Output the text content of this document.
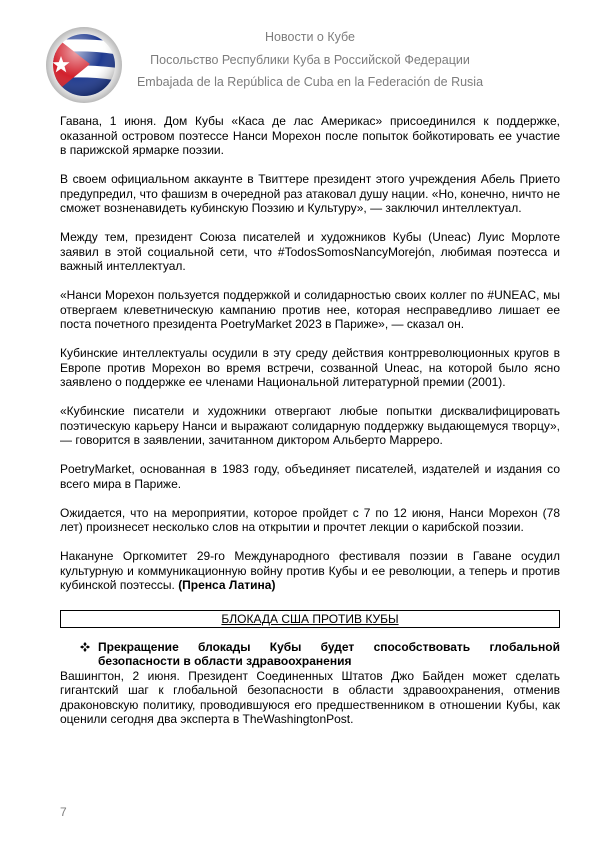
Новости о Кубе
Посольство Республики Куба в Российской Федерации
Embajada de la República de Cuba en la Federación de Rusia

Гавана, 1 июня. Дом Кубы «Каса де лас Америкас» присоединился к поддержке, оказанной островом поэтессе Нанси Морехон после попыток бойкотировать ее участие в парижской ярмарке поэзии.

В своем официальном аккаунте в Твиттере президент этого учреждения Абель Прието предупредил, что фашизм в очередной раз атаковал душу нации. «Но, конечно, ничто не сможет возненавидеть кубинскую Поэзию и Культуру», — заключил интеллектуал.

Между тем, президент Союза писателей и художников Кубы (Uneac) Луис Морлоте заявил в этой социальной сети, что #TodosSomosNancyMorejón, любимая поэтесса и важный интеллектуал.

«Нанси Морехон пользуется поддержкой и солидарностью своих коллег по #UNEAC, мы отвергаем клеветническую кампанию против нее, которая несправедливо лишает ее поста почетного президента PoetryMarket 2023 в Париже», — сказал он.

Кубинские интеллектуалы осудили в эту среду действия контрреволюционных кругов в Европе против Морехон во время встречи, созванной Uneac, на которой было ясно заявлено о поддержке ее членами Национальной литературной премии (2001).

«Кубинские писатели и художники отвергают любые попытки дисквалифицировать поэтическую карьеру Нанси и выражают солидарную поддержку выдающемуся творцу», — говорится в заявлении, зачитанном диктором Альберто Марреро.

PoetryMarket, основанная в 1983 году, объединяет писателей, издателей и издания со всего мира в Париже.

Ожидается, что на мероприятии, которое пройдет с 7 по 12 июня, Нанси Морехон (78 лет) произнесет несколько слов на открытии и прочтет лекции о карибской поэзии.

Накануне Оргкомитет 29-го Международного фестиваля поэзии в Гаване осудил культурную и коммуникационную войну против Кубы и ее революции, а теперь и против кубинской поэтессы. (Пренса Латина)

БЛОКАДА США ПРОТИВ КУБЫ
Прекращение блокады Кубы будет способствовать глобальной безопасности в области здравоохранения

Вашингтон, 2 июня. Президент Соединенных Штатов Джо Байден может сделать гигантский шаг к глобальной безопасности в области здравоохранения, отменив драконовскую политику, проводившуюся его предшественником в отношении Кубы, как оценили сегодня два эксперта в TheWashingtonPost.

7
